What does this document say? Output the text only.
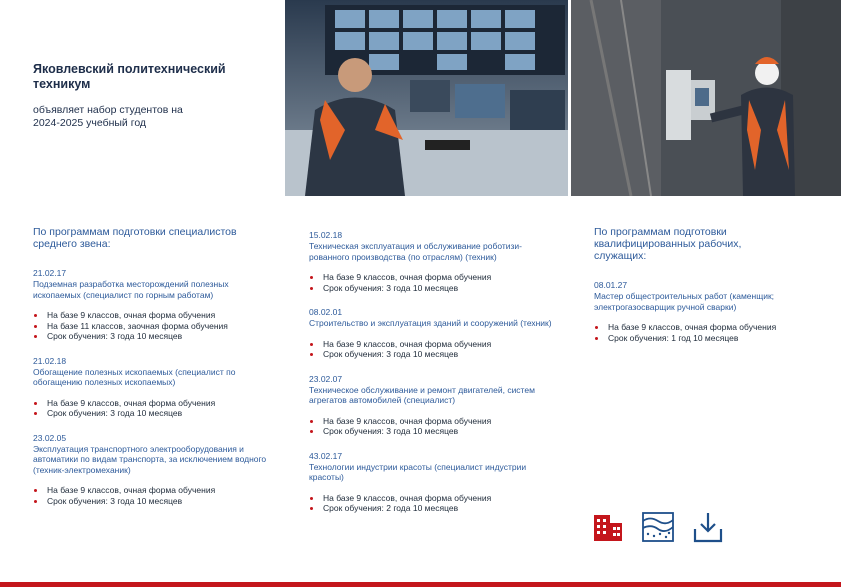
Яковлевский политехнический техникум

объявляет набор студентов на 2024-2025 учебный год

По программам подготовки специалистов среднего звена:
21.02.17
Подземная разработка месторождений полезных ископаемых (специалист по горным работам)
На базе 9 классов, очная форма обучения
На базе 11 классов, заочная форма обучения
Срок обучения: 3 года 10 месяцев
21.02.18
Обогащение полезных ископаемых (специалист по обогащению полезных ископаемых)
На базе 9 классов, очная форма обучения
Срок обучения: 3 года 10 месяцев
23.02.05
Эксплуатация транспортного электрооборудования и автоматики по видам транспорта, за исключением водного (техник-электромеханик)
На базе 9 классов, очная форма обучения
Срок обучения: 3 года 10 месяцев
15.02.18
Техническая эксплуатация и обслуживание роботизи-рованного производства (по отраслям) (техник)
На базе 9 классов, очная форма обучения
Срок обучения: 3 года 10 месяцев
08.02.01
Строительство и эксплуатация зданий и сооружений (техник)
На базе 9 классов, очная форма обучения
Срок обучения: 3 года 10 месяцев
23.02.07
Техническое обслуживание и ремонт двигателей, систем агрегатов автомобилей (специалист)
На базе 9 классов, очная форма обучения
Срок обучения: 3 года 10 месяцев
43.02.17
Технологии индустрии красоты (специалист индустрии красоты)
На базе 9 классов, очная форма обучения
Срок обучения: 2 года 10 месяцев
По программам подготовки квалифицированных рабочих, служащих:
08.01.27
Мастер общестроительных работ (каменщик; электрогазосварщик ручной сварки)
На базе 9 классов, очная форма обучения
Срок обучения: 1 год 10 месяцев
